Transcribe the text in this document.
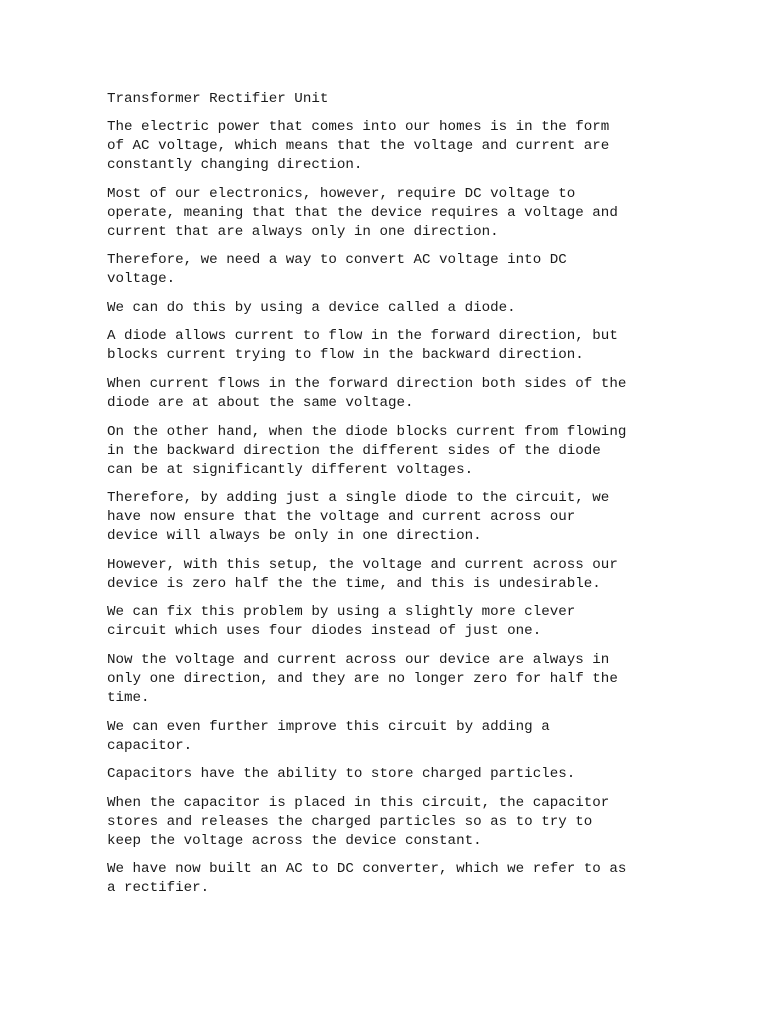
Transformer Rectifier Unit

The electric power that comes into our homes is in the form
of AC voltage, which means that the voltage and current are
constantly changing direction.

Most of our electronics, however, require DC voltage to
operate, meaning that that the device requires a voltage and
current that are always only in one direction.

Therefore, we need a way to convert AC voltage into DC
voltage.

We can do this by using a device called a diode.

A diode allows current to flow in the forward direction, but
blocks current trying to flow in the backward direction.

When current flows in the forward direction both sides of the
diode are at about the same voltage.

On the other hand, when the diode blocks current from flowing
in the backward direction the different sides of the diode
can be at significantly different voltages.

Therefore, by adding just a single diode to the circuit, we
have now ensure that the voltage and current across our
device will always be only in one direction.

However, with this setup, the voltage and current across our
device is zero half the the time, and this is undesirable.

We can fix this problem by using a slightly more clever
circuit which uses four diodes instead of just one.

Now the voltage and current across our device are always in
only one direction, and they are no longer zero for half the
time.

We can even further improve this circuit by adding a
capacitor.

Capacitors have the ability to store charged particles.

When the capacitor is placed in this circuit, the capacitor
stores and releases the charged particles so as to try to
keep the voltage across the device constant.

We have now built an AC to DC converter, which we refer to as
a rectifier.
